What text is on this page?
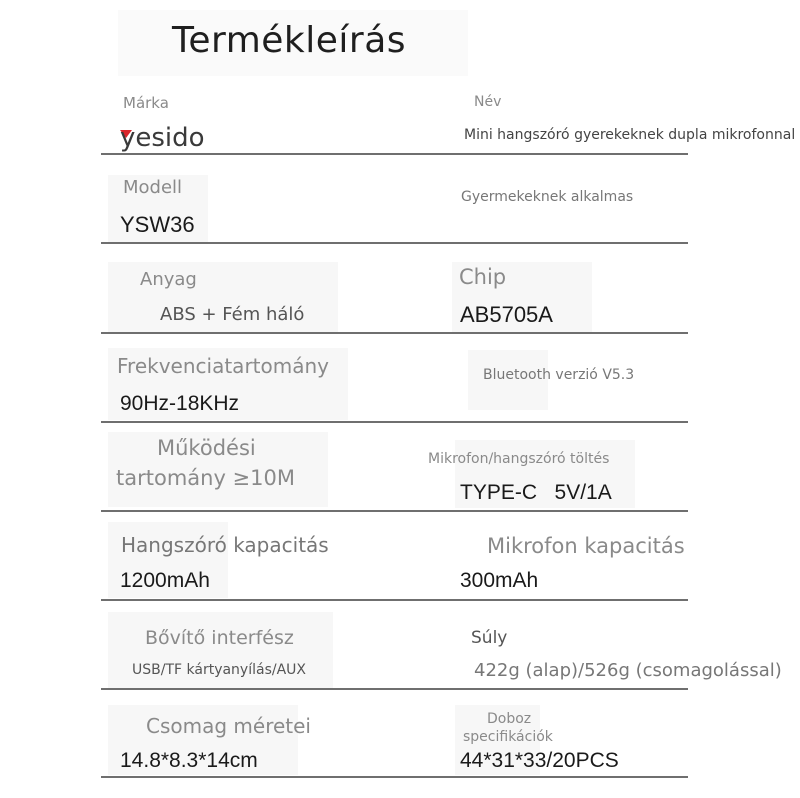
Termékleírás
Márka
yesido
Név
Mini hangszóró gyerekeknek dupla mikrofonnal
Modell
YSW36
Gyermekeknek alkalmas
Anyag
ABS + Fém háló
Chip
AB5705A
Frekvenciatartomány
90Hz-18KHz
Bluetooth verzió V5.3
Működési
tartomány ≥10M
Mikrofon/hangszóró töltés
TYPE-C   5V/1A
Hangszóró kapacitás
1200mAh
Mikrofon kapacitás
300mAh
Bővítő interfész
USB/TF kártyanyílás/AUX
Súly
422g (alap)/526g (csomagolással)
Csomag méretei
14.8*8.3*14cm
Doboz
specifikációk
44*31*33/20PCS
